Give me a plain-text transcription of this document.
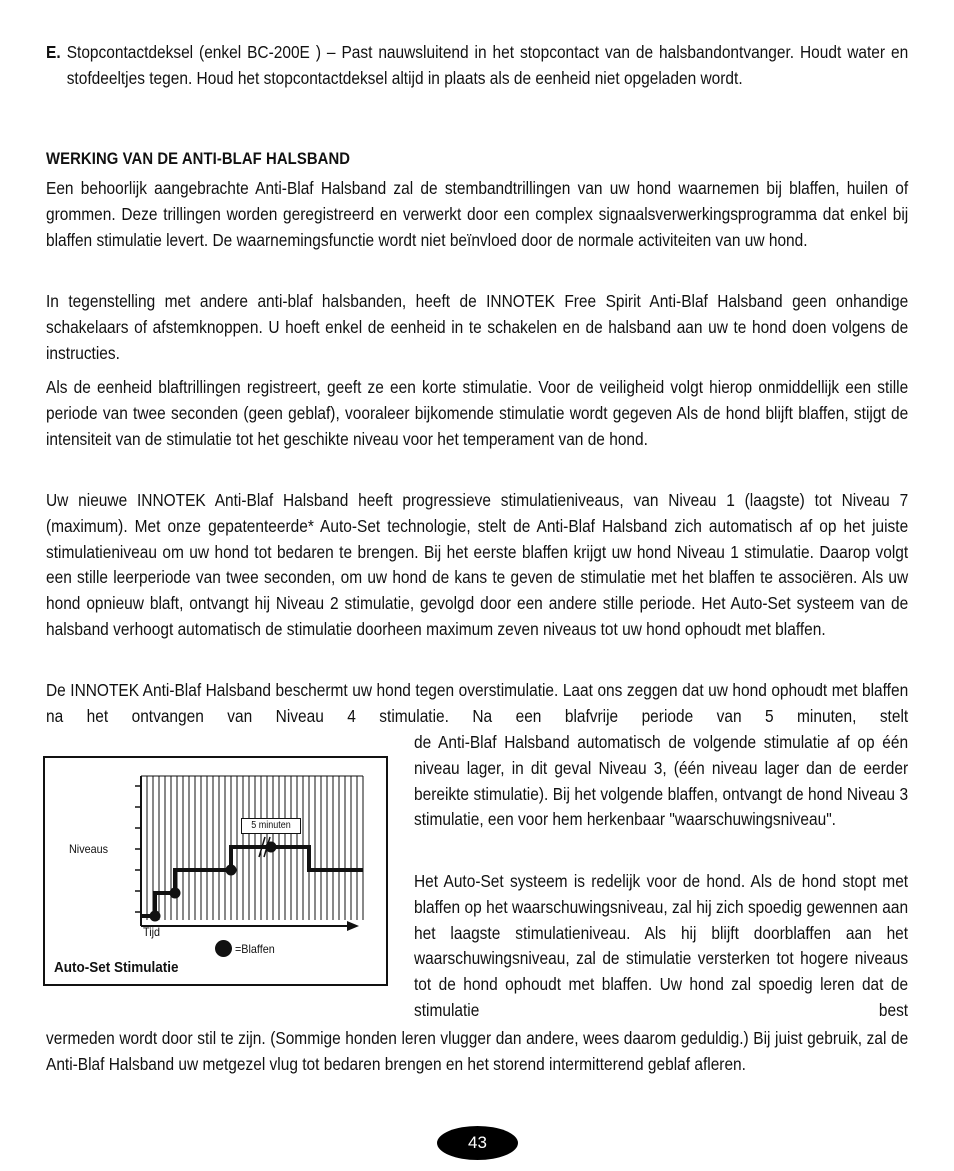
E. Stopcontactdeksel (enkel BC-200E ) – Past nauwsluitend in het stopcontact van de halsbandontvanger. Houdt water en stofdeeltjes tegen. Houd het stopcontactdeksel altijd in plaats als de eenheid niet opgeladen wordt.
WERKING VAN DE ANTI-BLAF HALSBAND
Een behoorlijk aangebrachte Anti-Blaf Halsband zal de stembandtrillingen van uw hond waarnemen bij blaffen, huilen of grommen. Deze trillingen worden geregistreerd en verwerkt door een complex signaalsverwerkingsprogramma dat enkel bij blaffen stimulatie levert. De waarnemingsfunctie wordt niet beïnvloed door de normale activiteiten van uw hond.
In tegenstelling met andere anti-blaf halsbanden, heeft de INNOTEK Free Spirit Anti-Blaf Halsband geen onhandige schakelaars of afstemknoppen. U hoeft enkel de eenheid in te schakelen en de halsband aan uw te hond doen volgens de instructies.
Als de eenheid blaftrillingen registreert, geeft ze een korte stimulatie. Voor de veiligheid volgt hierop onmiddellijk een stille periode van twee seconden (geen geblaf), vooraleer bijkomende stimulatie wordt gegeven Als de hond blijft blaffen, stijgt de intensiteit van de stimulatie tot het geschikte niveau voor het temperament van de hond.
Uw nieuwe INNOTEK Anti-Blaf Halsband heeft progressieve stimulatieniveaus, van Niveau 1 (laagste) tot Niveau 7 (maximum). Met onze gepatenteerde* Auto-Set technologie, stelt de Anti-Blaf Halsband zich automatisch af op het juiste stimulatieniveau om uw hond tot bedaren te brengen. Bij het eerste blaffen krijgt uw hond Niveau 1 stimulatie. Daarop volgt een stille leerperiode van twee seconden, om uw hond de kans te geven de stimulatie met het blaffen te associëren. Als uw hond opnieuw blaft, ontvangt hij Niveau 2 stimulatie, gevolgd door een andere stille periode. Het Auto-Set systeem van de halsband verhoogt automatisch de stimulatie doorheen maximum zeven niveaus tot uw hond ophoudt met blaffen.
De INNOTEK Anti-Blaf Halsband beschermt uw hond tegen overstimulatie. Laat ons zeggen dat uw hond ophoudt met blaffen na het ontvangen van Niveau 4 stimulatie. Na een blafvrije periode van 5 minuten, stelt
de Anti-Blaf Halsband automatisch de volgende stimulatie af op één niveau lager, in dit geval Niveau 3, (één niveau lager dan de eerder bereikte stimulatie). Bij het volgende blaffen, ontvangt de hond Niveau 3 stimulatie, een voor hem herkenbaar "waarschuwingsniveau".
Het Auto-Set systeem is redelijk voor de hond. Als de hond stopt met blaffen op het waarschuwingsniveau, zal hij zich spoedig gewennen aan het laagste stimulatieniveau. Als hij blijft doorblaffen aan het waarschuwingsniveau, zal de stimulatie versterken tot hogere niveaus tot de hond ophoudt met blaffen. Uw hond zal spoedig leren dat de stimulatie best
vermeden wordt door stil te zijn. (Sommige honden leren vlugger dan andere, wees daarom geduldig.) Bij juist gebruik, zal de Anti-Blaf Halsband uw metgezel vlug tot bedaren brengen en het storend intermitterend geblaf afleren.
5 minuten
Niveaus
Tijd
=Blaffen
Auto-Set Stimulatie
43
